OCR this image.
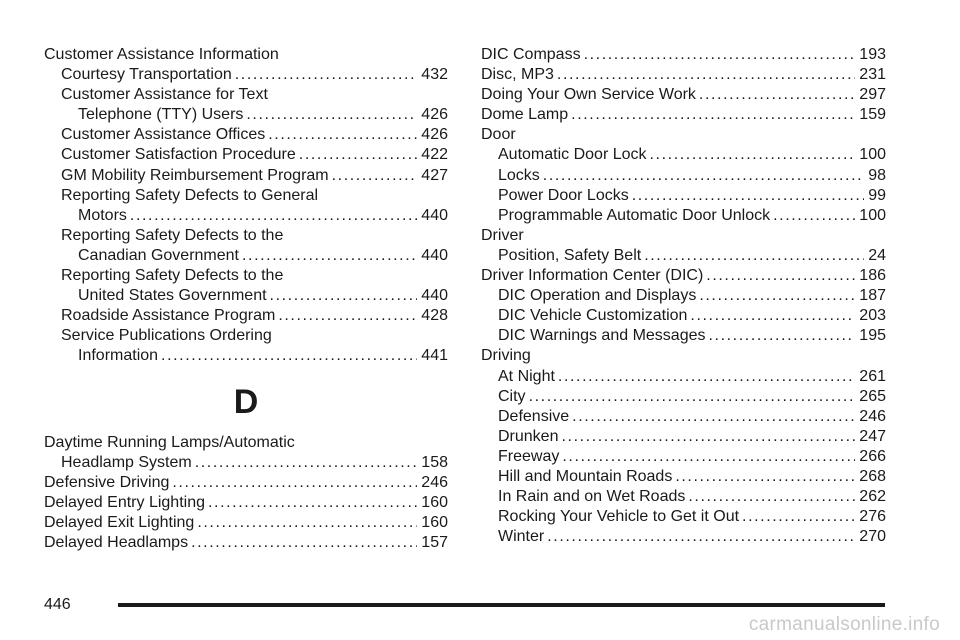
Customer Assistance Information
Courtesy Transportation .....	432
Customer Assistance for Text
Telephone (TTY) Users .....	426
Customer Assistance Offices .....	426
Customer Satisfaction Procedure .....	422
GM Mobility Reimbursement Program .....	427
Reporting Safety Defects to General
Motors .....	440
Reporting Safety Defects to the
Canadian Government .....	440
Reporting Safety Defects to the
United States Government .....	440
Roadside Assistance Program .....	428
Service Publications Ordering
Information .....	441
D
Daytime Running Lamps/Automatic
Headlamp System .....	158
Defensive Driving .....	246
Delayed Entry Lighting .....	160
Delayed Exit Lighting .....	160
Delayed Headlamps .....	157
DIC Compass .....	193
Disc, MP3 .....	231
Doing Your Own Service Work .....	297
Dome Lamp .....	159
Door
Automatic Door Lock .....	100
Locks .....	98
Power Door Locks .....	99
Programmable Automatic Door Unlock .....	100
Driver
Position, Safety Belt .....	24
Driver Information Center (DIC) .....	186
DIC Operation and Displays .....	187
DIC Vehicle Customization .....	203
DIC Warnings and Messages .....	195
Driving
At Night .....	261
City .....	265
Defensive .....	246
Drunken .....	247
Freeway .....	266
Hill and Mountain Roads .....	268
In Rain and on Wet Roads .....	262
Rocking Your Vehicle to Get it Out .....	276
Winter .....	270
446
carmanualsonline.info
